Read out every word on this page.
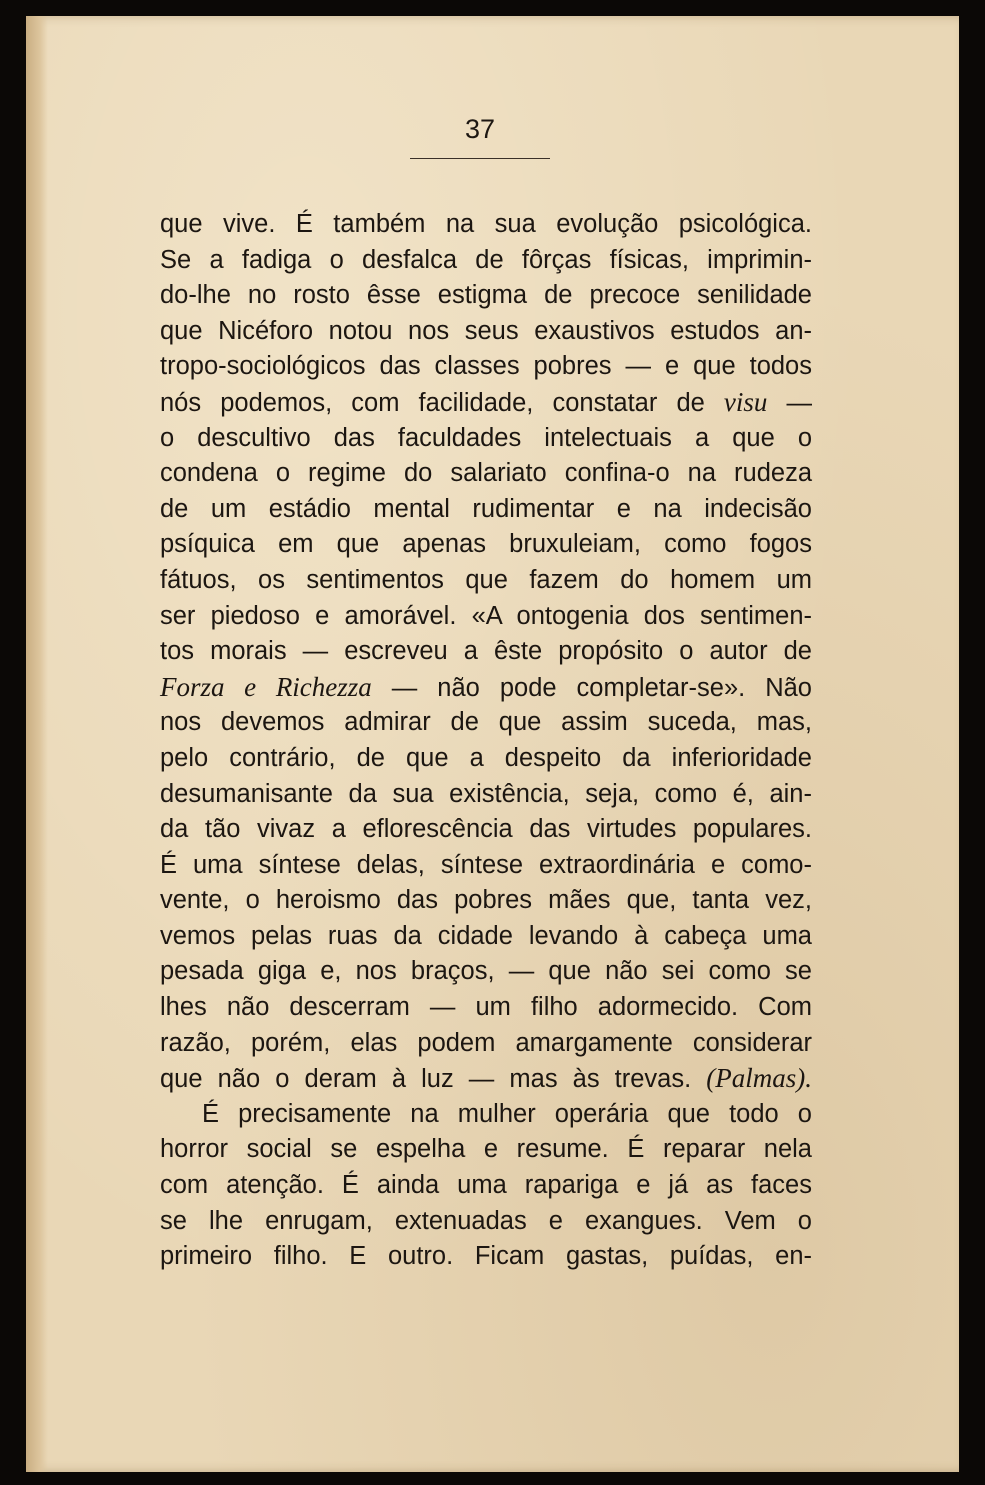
37
que vive. É também na sua evolução psicológica.
Se a fadiga o desfalca de fôrças físicas, imprimin-
do-lhe no rosto êsse estigma de precoce senilidade
que Nicéforo notou nos seus exaustivos estudos an-
tropo-sociológicos das classes pobres — e que todos
nós podemos, com facilidade, constatar de visu —
o descultivo das faculdades intelectuais a que o
condena o regime do salariato confina-o na rudeza
de um estádio mental rudimentar e na indecisão
psíquica em que apenas bruxuleiam, como fogos
fátuos, os sentimentos que fazem do homem um
ser piedoso e amorável. «A ontogenia dos sentimen-
tos morais — escreveu a êste propósito o autor de
Forza e Richezza — não pode completar-se». Não
nos devemos admirar de que assim suceda, mas,
pelo contrário, de que a despeito da inferioridade
desumanisante da sua existência, seja, como é, ain-
da tão vivaz a eflorescência das virtudes populares.
É uma síntese delas, síntese extraordinária e como-
vente, o heroismo das pobres mães que, tanta vez,
vemos pelas ruas da cidade levando à cabeça uma
pesada giga e, nos braços, — que não sei como se
lhes não descerram — um filho adormecido. Com
razão, porém, elas podem amargamente considerar
que não o deram à luz — mas às trevas. (Palmas).
É precisamente na mulher operária que todo o
horror social se espelha e resume. É reparar nela
com atenção. É ainda uma rapariga e já as faces
se lhe enrugam, extenuadas e exangues. Vem o
primeiro filho. E outro. Ficam gastas, puídas, en-
